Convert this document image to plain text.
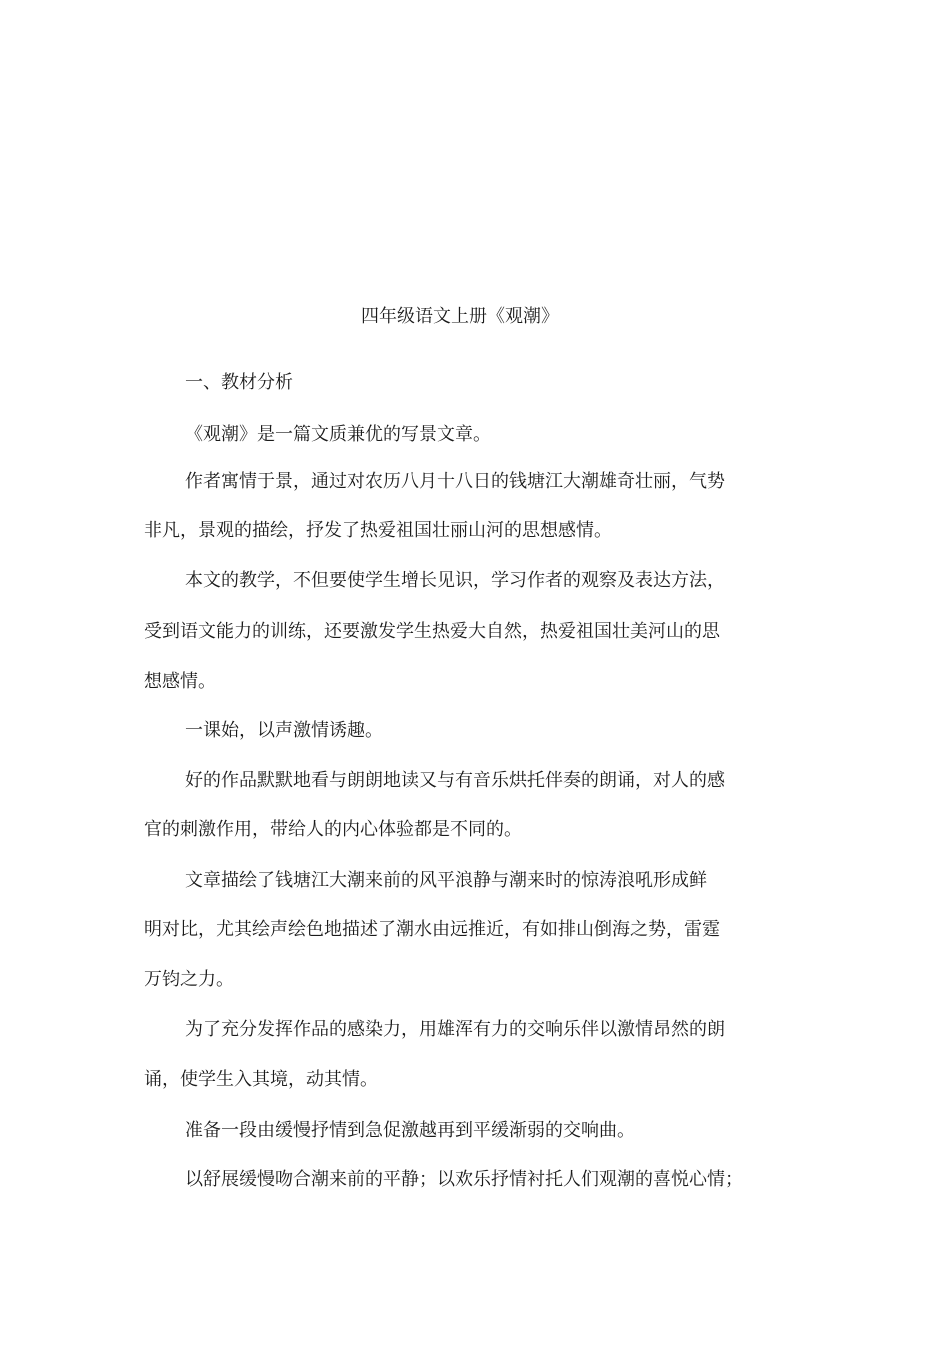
四年级语文上册《观潮》
一、教材分析
《观潮》是一篇文质兼优的写景文章。
作者寓情于景，通过对农历八月十八日的钱塘江大潮雄奇壮丽，气势
非凡，景观的描绘，抒发了热爱祖国壮丽山河的思想感情。
本文的教学，不但要使学生增长见识，学习作者的观察及表达方法，
受到语文能力的训练，还要激发学生热爱大自然，热爱祖国壮美河山的思
想感情。
一课始，以声激情诱趣。
好的作品默默地看与朗朗地读又与有音乐烘托伴奏的朗诵，对人的感
官的刺激作用，带给人的内心体验都是不同的。
文章描绘了钱塘江大潮来前的风平浪静与潮来时的惊涛浪吼形成鲜
明对比，尤其绘声绘色地描述了潮水由远推近，有如排山倒海之势，雷霆
万钧之力。
为了充分发挥作品的感染力，用雄浑有力的交响乐伴以激情昂然的朗
诵，使学生入其境，动其情。
准备一段由缓慢抒情到急促激越再到平缓渐弱的交响曲。
以舒展缓慢吻合潮来前的平静；以欢乐抒情衬托人们观潮的喜悦心情；
